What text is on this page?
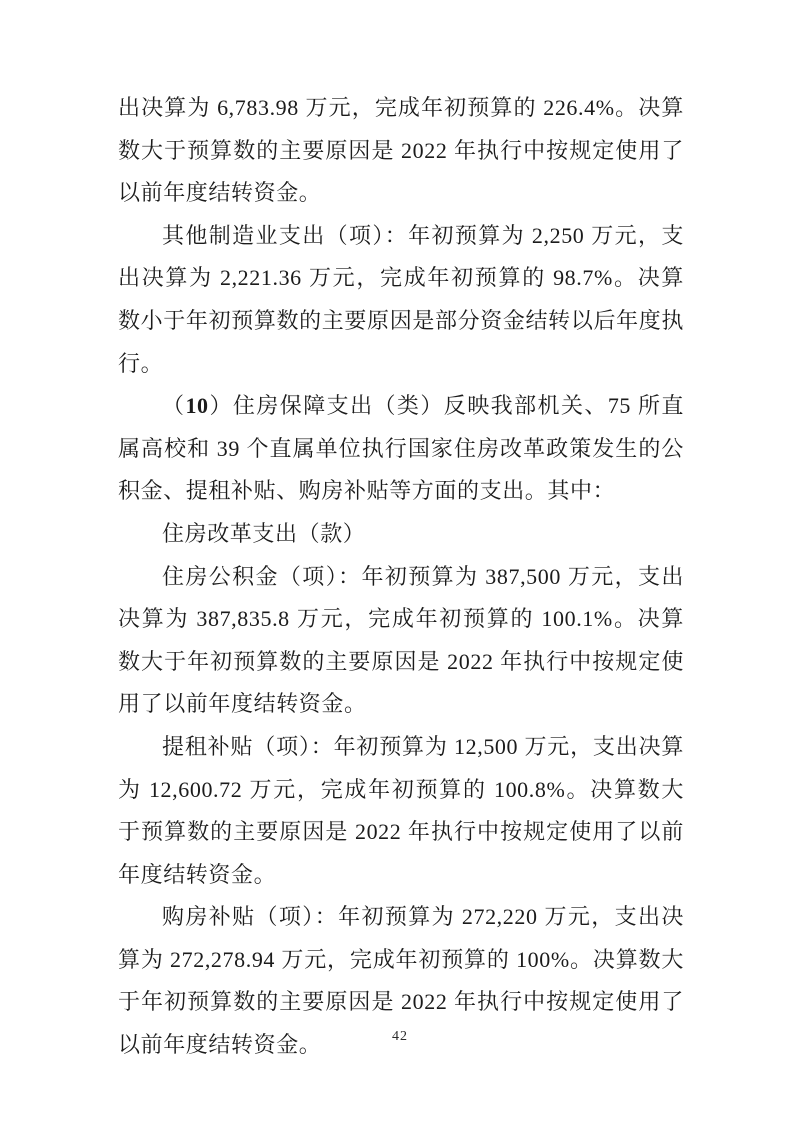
出决算为 6,783.98 万元，完成年初预算的 226.4%。决算数大于预算数的主要原因是 2022 年执行中按规定使用了以前年度结转资金。

其他制造业支出（项）：年初预算为 2,250 万元，支出决算为 2,221.36 万元，完成年初预算的 98.7%。决算数小于年初预算数的主要原因是部分资金结转以后年度执行。

（10）住房保障支出（类）反映我部机关、75 所直属高校和 39 个直属单位执行国家住房改革政策发生的公积金、提租补贴、购房补贴等方面的支出。其中：

住房改革支出（款）

住房公积金（项）：年初预算为 387,500 万元，支出决算为 387,835.8 万元，完成年初预算的 100.1%。决算数大于年初预算数的主要原因是 2022 年执行中按规定使用了以前年度结转资金。

提租补贴（项）：年初预算为 12,500 万元，支出决算为 12,600.72 万元，完成年初预算的 100.8%。决算数大于预算数的主要原因是 2022 年执行中按规定使用了以前年度结转资金。

购房补贴（项）：年初预算为 272,220 万元，支出决算为 272,278.94 万元，完成年初预算的 100%。决算数大于年初预算数的主要原因是 2022 年执行中按规定使用了以前年度结转资金。	42
